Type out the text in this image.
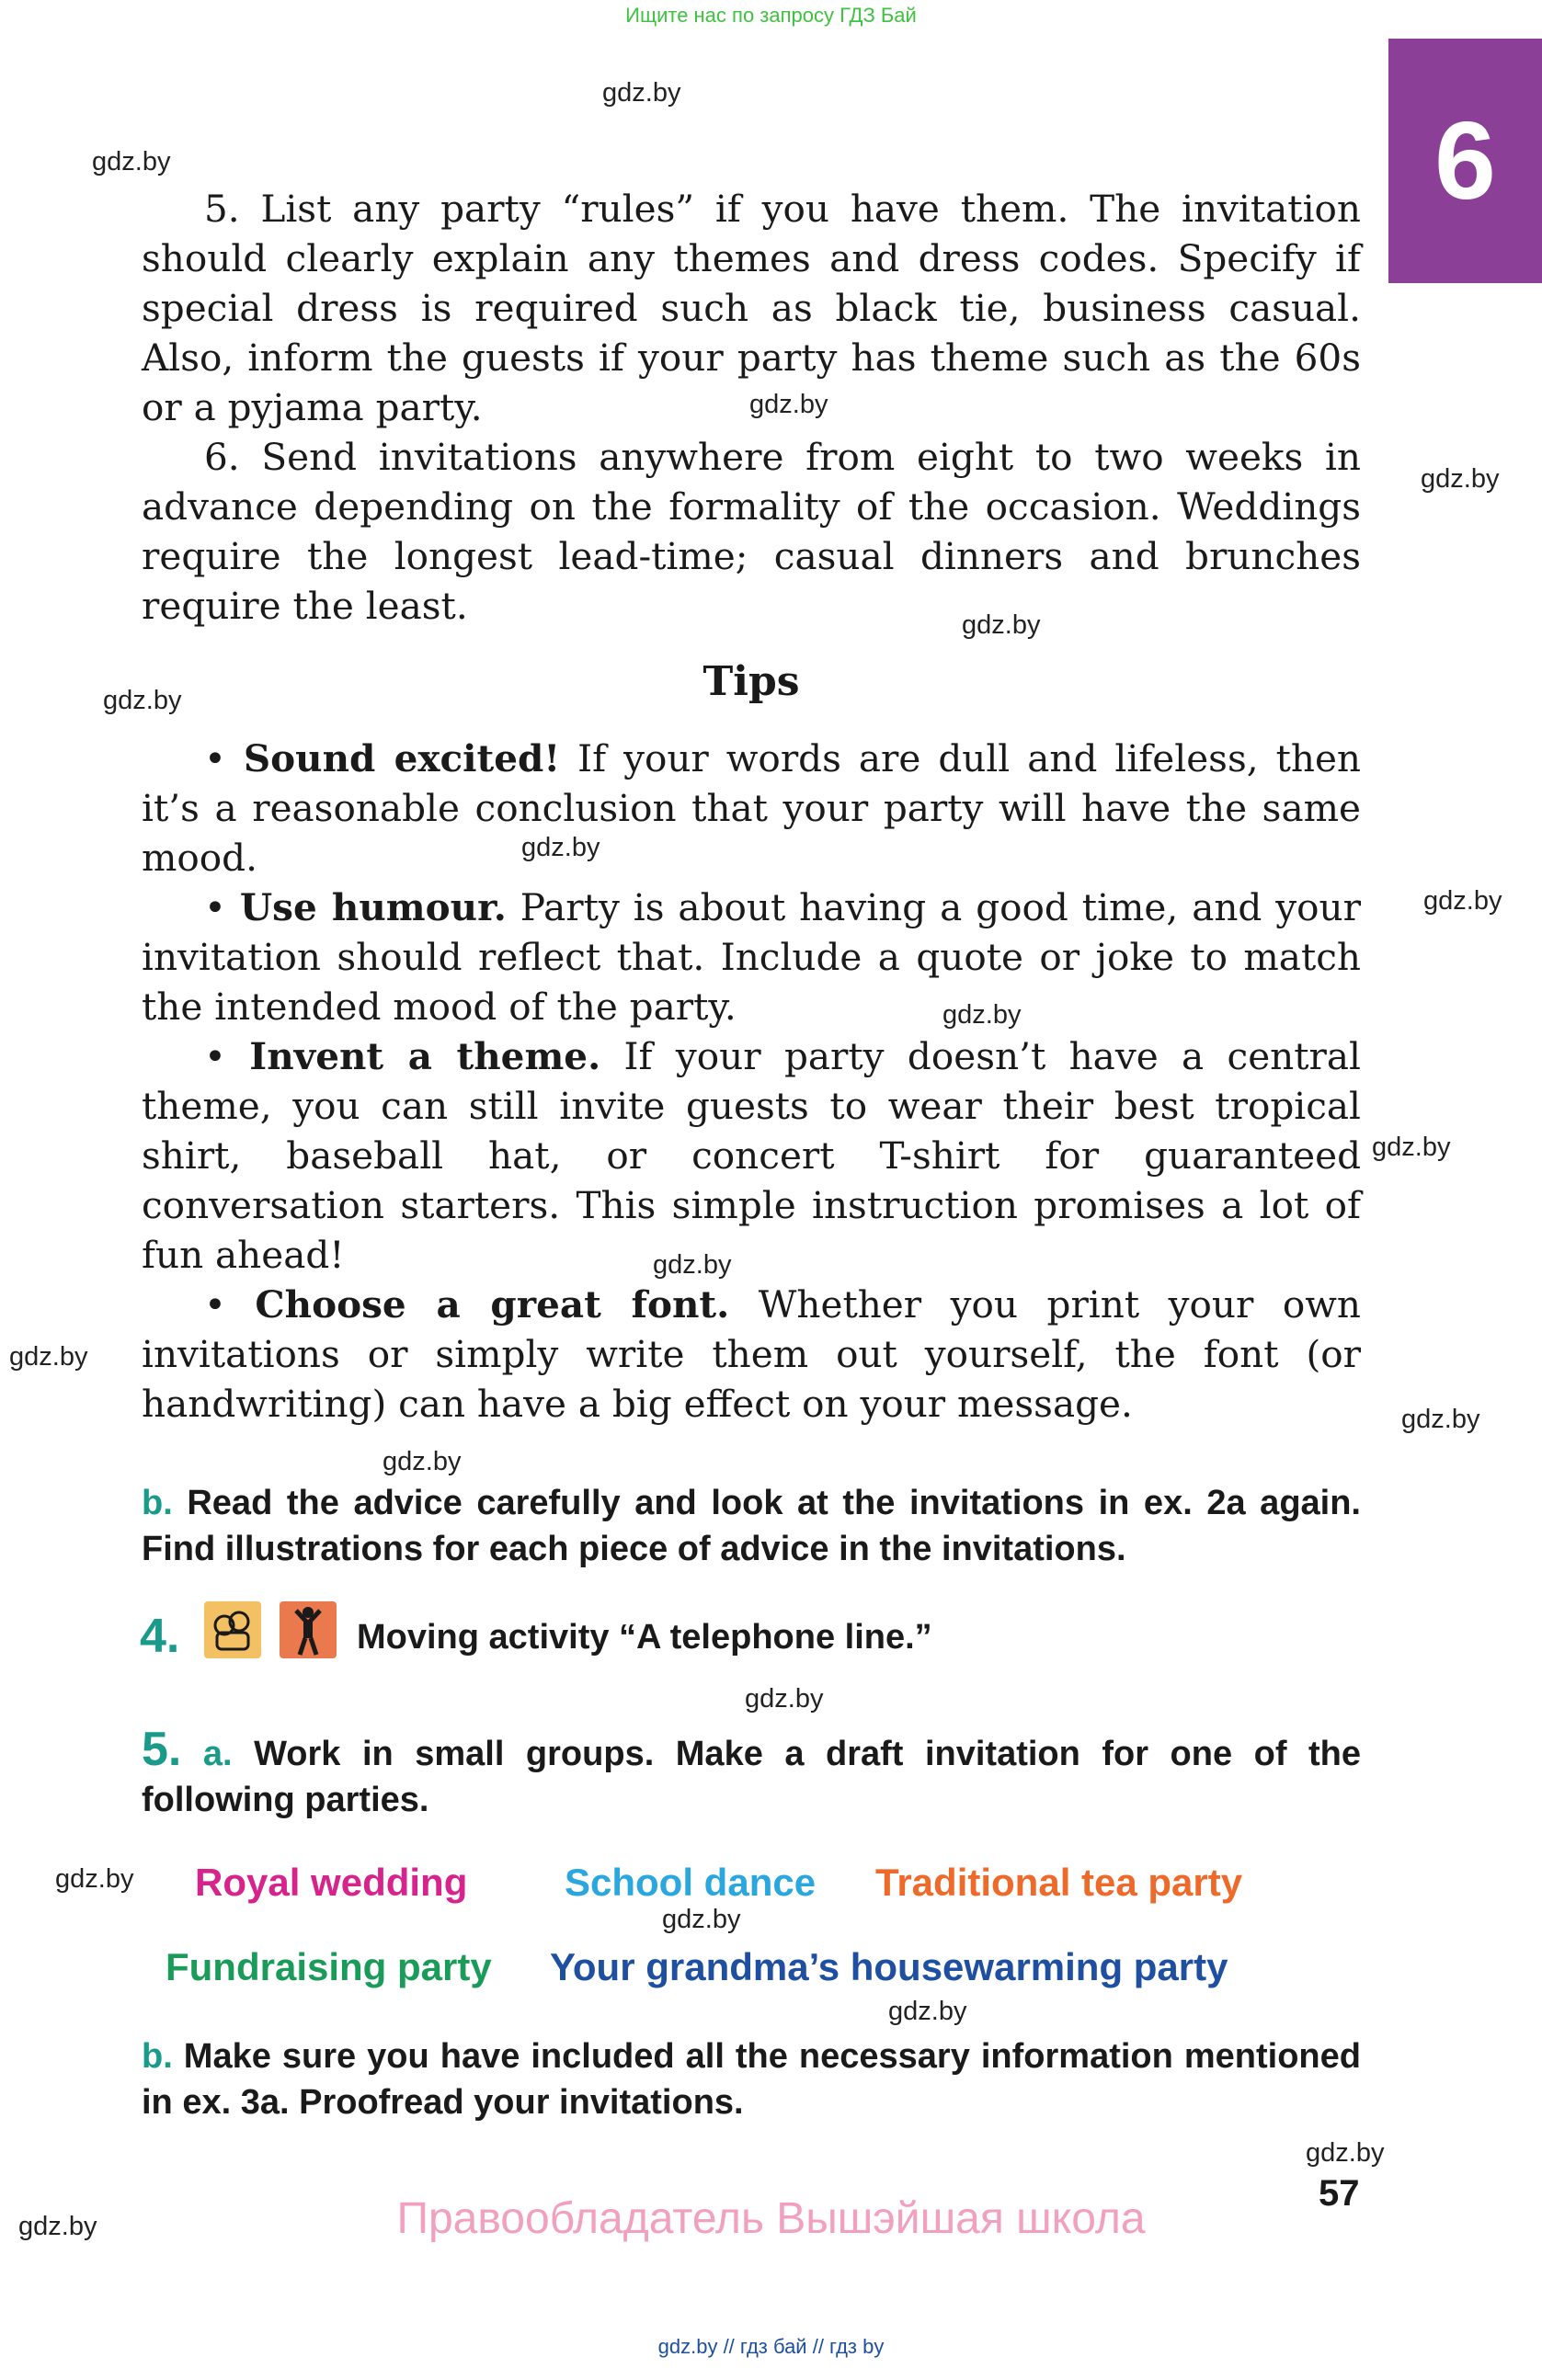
Ищите нас по запросу ГДЗ Бай
6
gdz.by
gdz.by
gdz.by
gdz.by
gdz.by
gdz.by
gdz.by
gdz.by
gdz.by
gdz.by
gdz.by
gdz.by
gdz.by
gdz.by
gdz.by
gdz.by
gdz.by
gdz.by
gdz.by
gdz.by

5. List any party “rules” if you have them. The invitation should clearly explain any themes and dress codes. Specify if special dress is required such as black tie, business casual. Also, inform the guests if your party has theme such as the 60s or a pyjama party.

6. Send invitations anywhere from eight to two weeks in advance depending on the formality of the occasion. Weddings require the longest lead-time; casual dinners and brunches require the least.

Tips

• Sound excited! If your words are dull and lifeless, then it’s a reasonable conclusion that your party will have the same mood.

• Use humour. Party is about having a good time, and your invitation should reflect that. Include a quote or joke to match the intended mood of the party.

• Invent a theme. If your party doesn’t have a central theme, you can still invite guests to wear their best tropical shirt, baseball hat, or concert T-shirt for guaranteed conversation starters. This simple instruction promises a lot of fun ahead!

• Choose a great font. Whether you print your own invitations or simply write them out yourself, the font (or handwriting) can have a big effect on your message.

b. Read the advice carefully and look at the invitations in ex. 2a again. Find illustrations for each piece of advice in the invitations.
4.	Moving activity “A telephone line.”
5. a. Work in small groups. Make a draft invitation for one of the following parties.
Royal wedding	School dance Traditional tea party
Fundraising party Your grandma’s housewarming party
b. Make sure you have included all the necessary information mentioned in ex. 3a. Proofread your invitations.
57
Правообладатель Вышэйшая школа
gdz.by // гдз бай // гдз by
